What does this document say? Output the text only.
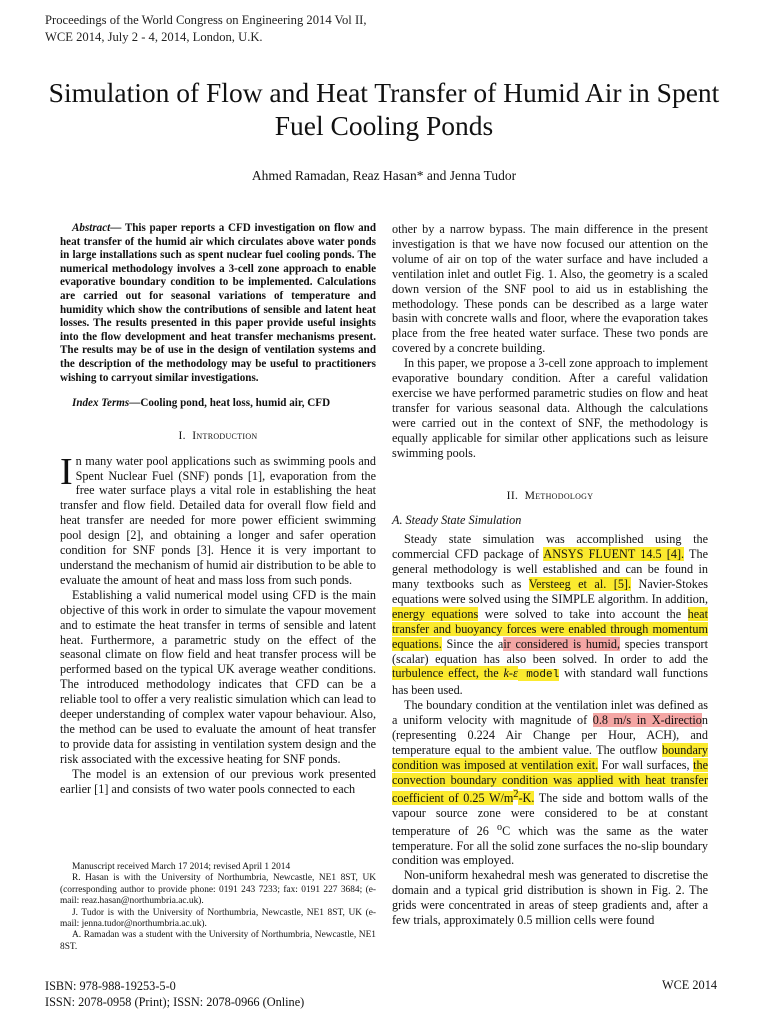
Proceedings of the World Congress on Engineering 2014 Vol II,
WCE 2014, July 2 - 4, 2014, London, U.K.
Simulation of Flow and Heat Transfer of Humid Air in Spent Fuel Cooling Ponds
Ahmed Ramadan, Reaz Hasan* and Jenna Tudor

Abstract— This paper reports a CFD investigation on flow and heat transfer of the humid air which circulates above water ponds in large installations such as spent nuclear fuel cooling ponds. The numerical methodology involves a 3-cell zone approach to enable evaporative boundary condition to be implemented. Calculations are carried out for seasonal variations of temperature and humidity which show the contributions of sensible and latent heat losses. The results presented in this paper provide useful insights into the flow development and heat transfer mechanisms present. The results may be of use in the design of ventilation systems and the description of the methodology may be useful to practitioners wishing to carryout similar investigations.

Index Terms—Cooling pond, heat loss, humid air, CFD

I. Introduction

In many water pool applications such as swimming pools and Spent Nuclear Fuel (SNF) ponds [1], evaporation from the free water surface plays a vital role in establishing the heat transfer and flow field. Detailed data for overall flow field and heat transfer are needed for more power efficient swimming pool design [2], and obtaining a longer and safer operation condition for SNF ponds [3]. Hence it is very important to understand the mechanism of humid air distribution to be able to evaluate the amount of heat and mass loss from such ponds.

Establishing a valid numerical model using CFD is the main objective of this work in order to simulate the vapour movement and to estimate the heat transfer in terms of sensible and latent heat. Furthermore, a parametric study on the effect of the seasonal climate on flow field and heat transfer process will be performed based on the typical UK average weather conditions. The introduced methodology indicates that CFD can be a reliable tool to offer a very realistic simulation which can lead to deeper understanding of complex water vapour behaviour. Also, the method can be used to evaluate the amount of heat transfer to provide data for assisting in ventilation system design and the risk associated with the excessive heating for SNF ponds.

The model is an extension of our previous work presented earlier [1] and consists of two water pools connected to each

Manuscript received March 17 2014; revised April 1 2014

R. Hasan is with the University of Northumbria, Newcastle, NE1 8ST, UK (corresponding author to provide phone: 0191 243 7233; fax: 0191 227 3684; (e-mail: reaz.hasan@northumbria.ac.uk).

J. Tudor is with the University of Northumbria, Newcastle, NE1 8ST, UK (e-mail: jenna.tudor@northumbria.ac.uk).

A. Ramadan was a student with the University of Northumbria, Newcastle, NE1 8ST.

other by a narrow bypass. The main difference in the present investigation is that we have now focused our attention on the volume of air on top of the water surface and have included a ventilation inlet and outlet Fig. 1. Also, the geometry is a scaled down version of the SNF pool to aid us in establishing the methodology. These ponds can be described as a large water basin with concrete walls and floor, where the evaporation takes place from the free heated water surface. These two ponds are covered by a concrete building.

In this paper, we propose a 3-cell zone approach to implement evaporative boundary condition. After a careful validation exercise we have performed parametric studies on flow and heat transfer for various seasonal data. Although the calculations were carried out in the context of SNF, the methodology is equally applicable for similar other applications such as leisure swimming pools.

II. Methodology
A. Steady State Simulation

Steady state simulation was accomplished using the commercial CFD package of ANSYS FLUENT 14.5 [4]. The general methodology is well established and can be found in many textbooks such as Versteeg et al. [5]. Navier-Stokes equations were solved using the SIMPLE algorithm. In addition, energy equations were solved to take into account the heat transfer and buoyancy forces were enabled through momentum equations. Since the air considered is humid, species transport (scalar) equation has also been solved. In order to add the turbulence effect, the k-ε model with standard wall functions has been used.

The boundary condition at the ventilation inlet was defined as a uniform velocity with magnitude of 0.8 m/s in X-direction (representing 0.224 Air Change per Hour, ACH), and temperature equal to the ambient value. The outflow boundary condition was imposed at ventilation exit. For wall surfaces, the convection boundary condition was applied with heat transfer coefficient of 0.25 $W/m^2-K$. The side and bottom walls of the vapour source zone were considered to be at constant temperature of 26 $^o$C which was the same as the water temperature. For all the solid zone surfaces the no-slip boundary condition was employed.

Non-uniform hexahedral mesh was generated to discretise the domain and a typical grid distribution is shown in Fig. 2. The grids were concentrated in areas of steep gradients and, after a few trials, approximately 0.5 million cells were found

ISBN: 978-988-19253-5-0
ISSN: 2078-0958 (Print); ISSN: 2078-0966 (Online)
WCE 2014
